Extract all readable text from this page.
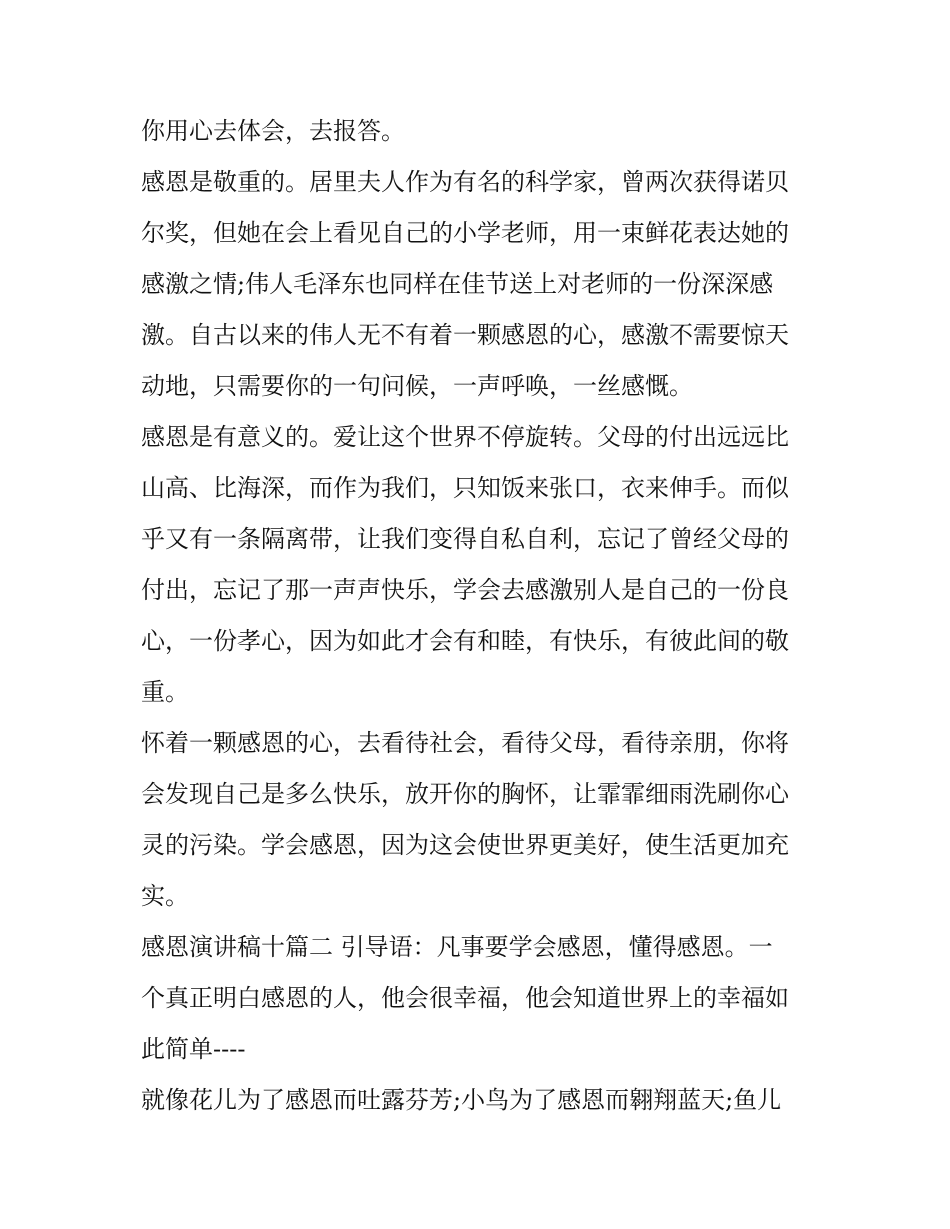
你用心去体会，去报答。
感恩是敬重的。居里夫人作为有名的科学家，曾两次获得诺贝
尔奖，但她在会上看见自己的小学老师，用一束鲜花表达她的
感激之情;伟人毛泽东也同样在佳节送上对老师的一份深深感
激。自古以来的伟人无不有着一颗感恩的心，感激不需要惊天
动地，只需要你的一句问候，一声呼唤，一丝感慨。
感恩是有意义的。爱让这个世界不停旋转。父母的付出远远比
山高、比海深，而作为我们，只知饭来张口，衣来伸手。而似
乎又有一条隔离带，让我们变得自私自利，忘记了曾经父母的
付出，忘记了那一声声快乐，学会去感激别人是自己的一份良
心，一份孝心，因为如此才会有和睦，有快乐，有彼此间的敬
重。
怀着一颗感恩的心，去看待社会，看待父母，看待亲朋，你将
会发现自己是多么快乐，放开你的胸怀，让霏霏细雨洗刷你心
灵的污染。学会感恩，因为这会使世界更美好，使生活更加充
实。
感恩演讲稿十篇二 引导语：凡事要学会感恩，懂得感恩。一
个真正明白感恩的人，他会很幸福，他会知道世界上的幸福如
此简单----
就像花儿为了感恩而吐露芬芳;小鸟为了感恩而翱翔蓝天;鱼儿
